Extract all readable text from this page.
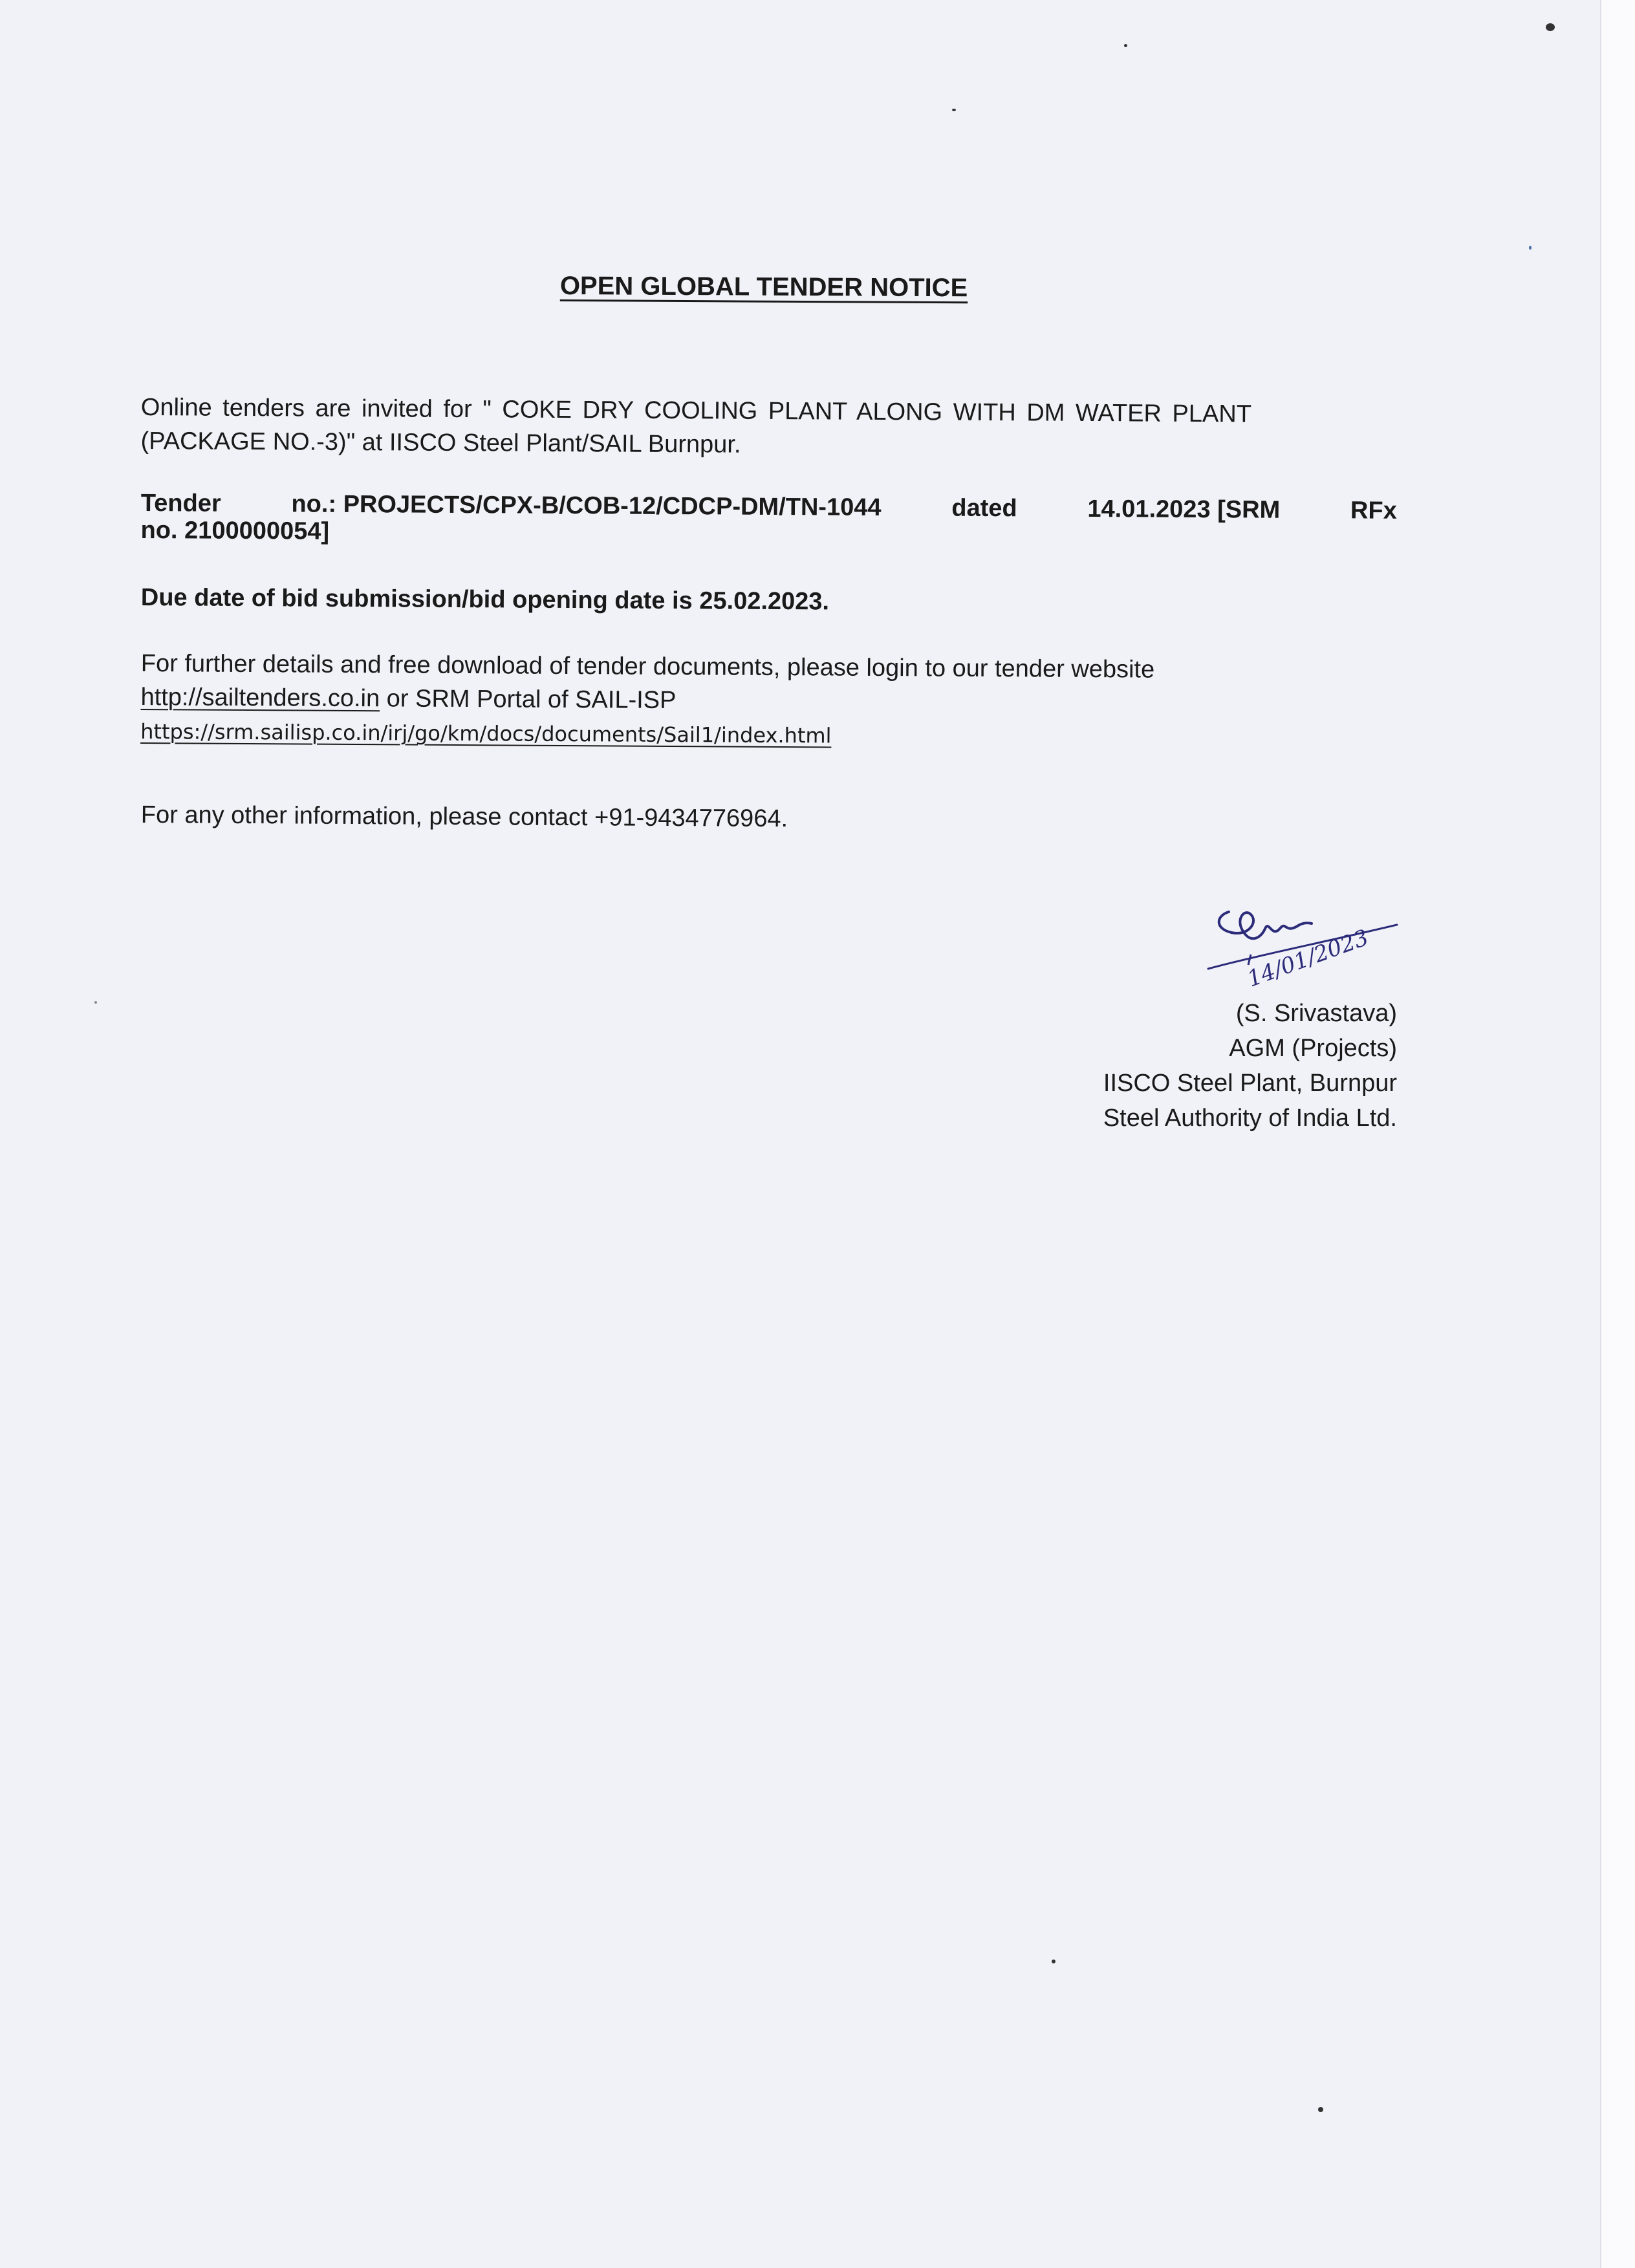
OPEN GLOBAL TENDER NOTICE
Online tenders are invited for " COKE DRY COOLING PLANT ALONG WITH DM WATER PLANT
(PACKAGE NO.-3)" at IISCO Steel Plant/SAIL Burnpur.
Tender	no.: PROJECTS/CPX-B/COB-12/CDCP-DM/TN-1044	dated	14.01.2023 [SRM	RFx
no. 2100000054]
Due date of bid submission/bid opening date is 25.02.2023.
For further details and free download of tender documents, please login to our tender website
http://sailtenders.co.in or SRM Portal of SAIL-ISP
https://srm.sailisp.co.in/irj/go/km/docs/documents/Sail1/index.html
For any other information, please contact +91-9434776964.
14/01/2023
(S. Srivastava)
AGM (Projects)
IISCO Steel Plant, Burnpur
Steel Authority of India Ltd.
